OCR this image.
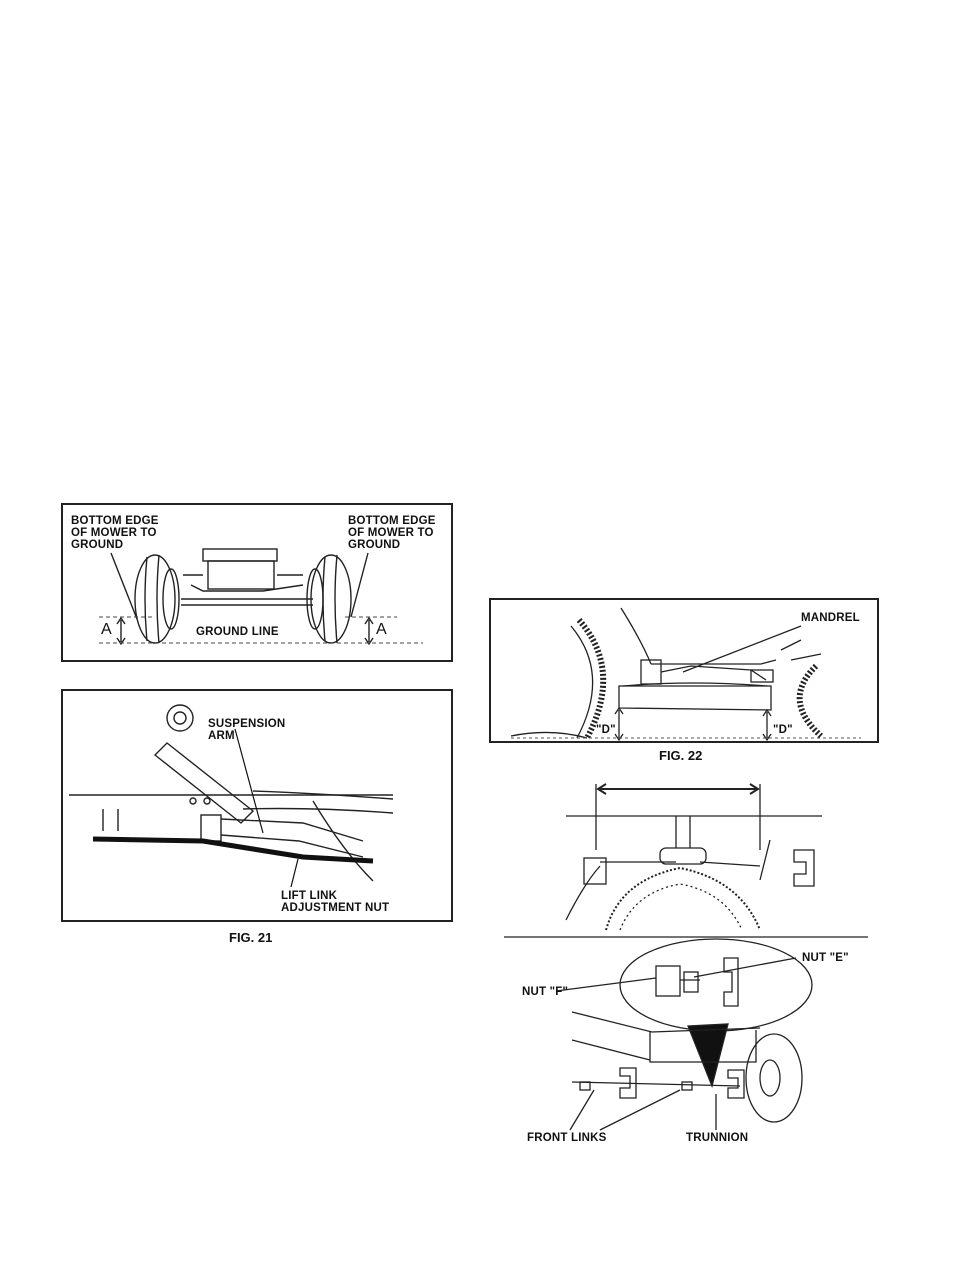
BOTTOM EDGE
OF MOWER TO
GROUND
BOTTOM EDGE
OF MOWER TO
GROUND
GROUND LINE
A	A
SUSPENSION
ARM
LIFT LINK
ADJUSTMENT NUT
FIG. 21
MANDREL
"D"	"D"
FIG. 22
NUT "E"
NUT "F"
FRONT LINKS	TRUNNION
